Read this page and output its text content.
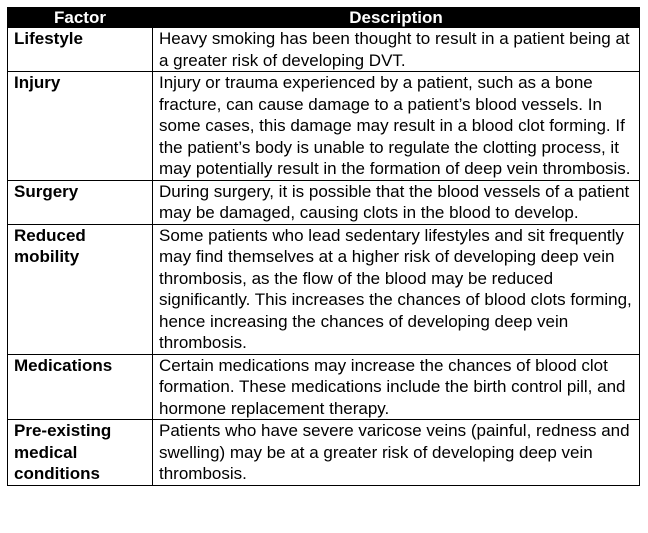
Factor	Description
Lifestyle	Heavy smoking has been thought to result in a patient being at a greater risk of developing DVT.
Injury	Injury or trauma experienced by a patient, such as a bone fracture, can cause damage to a patient’s blood vessels. In some cases, this damage may result in a blood clot forming. If the patient’s body is unable to regulate the clotting process, it may potentially result in the formation of deep vein thrombosis.
Surgery	During surgery, it is possible that the blood vessels of a patient may be damaged, causing clots in the blood to develop.
Reduced mobility	Some patients who lead sedentary lifestyles and sit frequently may find themselves at a higher risk of developing deep vein thrombosis, as the flow of the blood may be reduced significantly. This increases the chances of blood clots forming, hence increasing the chances of developing deep vein thrombosis.
Medications	Certain medications may increase the chances of blood clot formation. These medications include the birth control pill, and hormone replacement therapy.
Pre-existing medical conditions	Patients who have severe varicose veins (painful, redness and swelling) may be at a greater risk of developing deep vein thrombosis.
